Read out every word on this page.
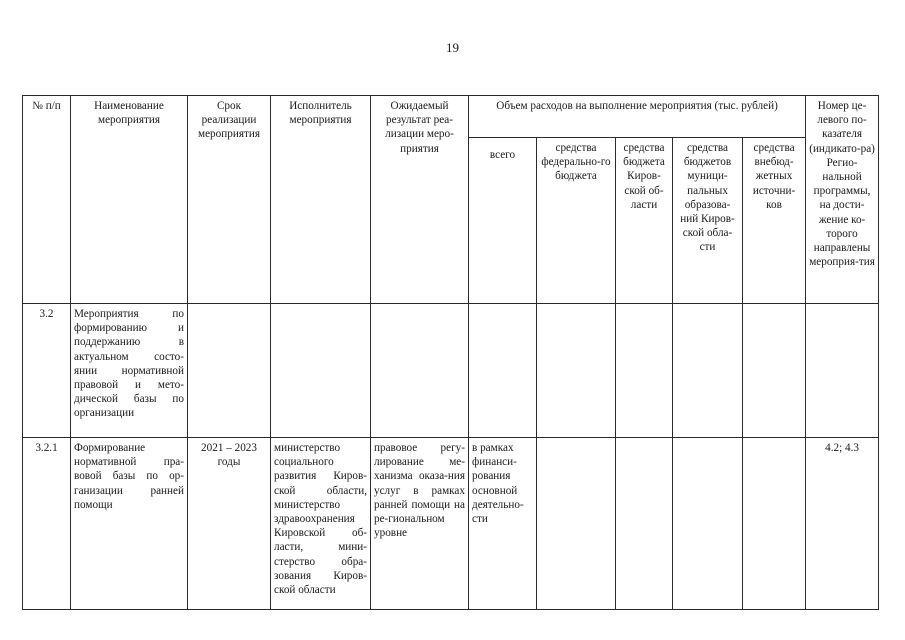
19
№ п/п	Наименование мероприятия	Срок реализации мероприятия	Исполнитель мероприятия	Ожидаемый результат реа-лизации меро-приятия	Объем расходов на выполнение мероприятия (тыс. рублей)					Номер це-левого по-казателя (индикато-ра) Регио-нальной программы, на дости-жение ко-торого направлены мероприя-тия
					всего	средства федерально-го бюджета	средства бюджета Киров-ской об-ласти	средства бюджетов муници-пальных образова-ний Киров-ской обла-сти	средства внебюд-жетных источни-ков	
3.2	Мероприятия по формированию и поддержанию в актуальном состо-янии нормативной правовой и мето-дической базы по организации									
3.2.1	Формирование нормативной пра-вовой базы по ор-ганизации ранней помощи	2021 – 2023 годы	министерство социального развития Киров-ской области, министерство здравоохранения Кировской об-ласти, мини-стерство обра-зования Киров-ской области	правовое регу-лирование ме-ханизма оказа-ния услуг в рамках ранней помощи на ре-гиональном уровне	в рамках финанси-рования основной деятельно-сти					4.2; 4.3
